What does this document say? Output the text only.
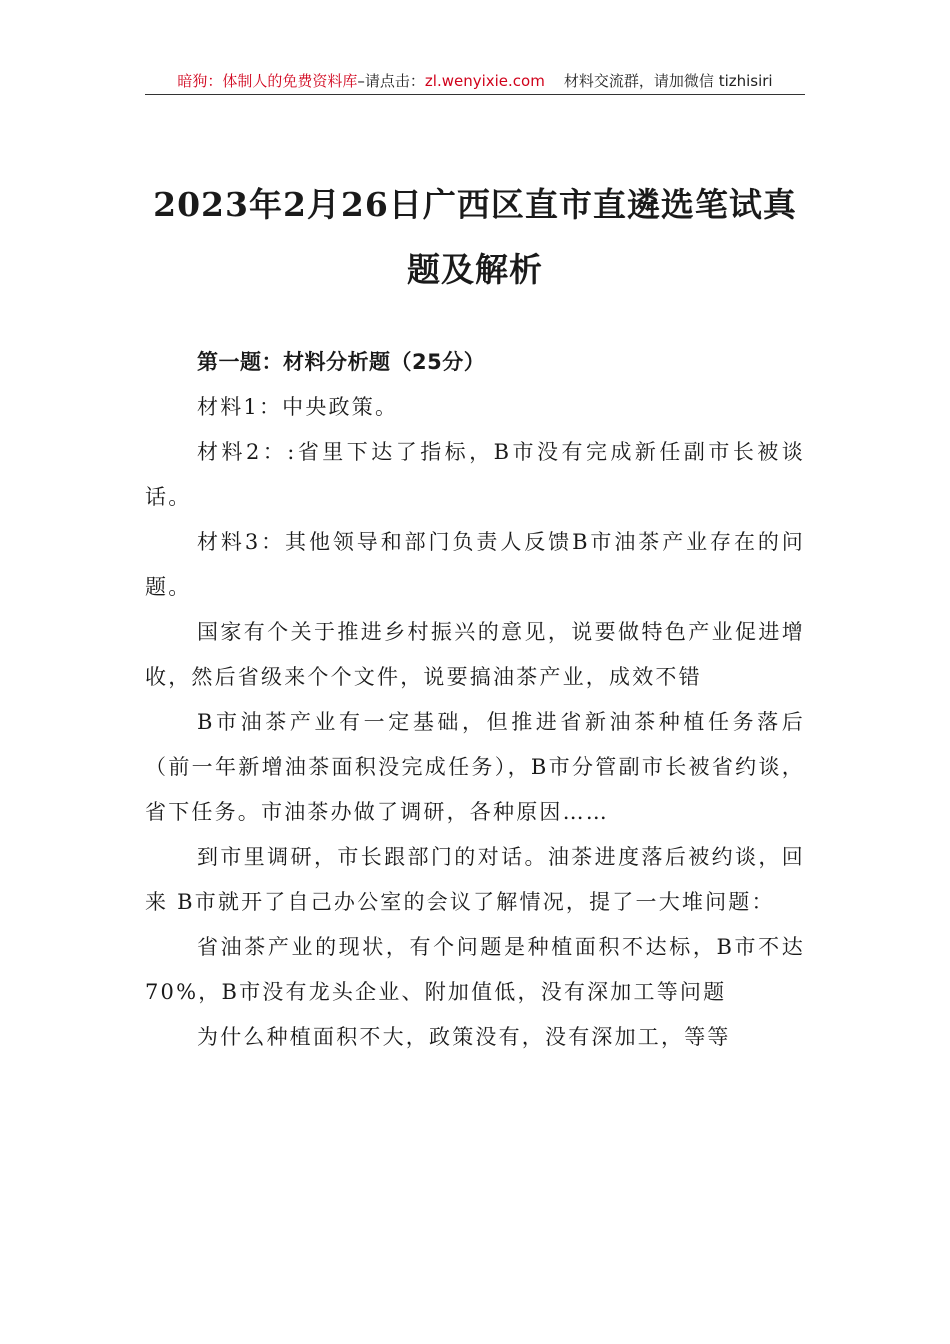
暗狗：体制人的免费资料库–请点击：zl.wenyixie.com 材料交流群，请加微信 tizhisiri
2023年2月26日广西区直市直遴选笔试真
题及解析

第一题：材料分析题（25分）

材料1：中央政策。

材料2：:省里下达了指标，B市没有完成新任副市长被谈话。

材料3：其他领导和部门负责人反馈B市油茶产业存在的问题。

国家有个关于推进乡村振兴的意见，说要做特色产业促进增收，然后省级来个个文件，说要搞油茶产业，成效不错

B市油茶产业有一定基础，但推进省新油茶种植任务落后（前一年新增油茶面积没完成任务），B市分管副市长被省约谈，省下任务。市油茶办做了调研，各种原因……

到市里调研，市长跟部门的对话。油茶进度落后被约谈，回来 B市就开了自己办公室的会议了解情况，提了一大堆问题：

省油茶产业的现状，有个问题是种植面积不达标，B市不达70%，B市没有龙头企业、附加值低，没有深加工等问题

为什么种植面积不大，政策没有，没有深加工，等等
